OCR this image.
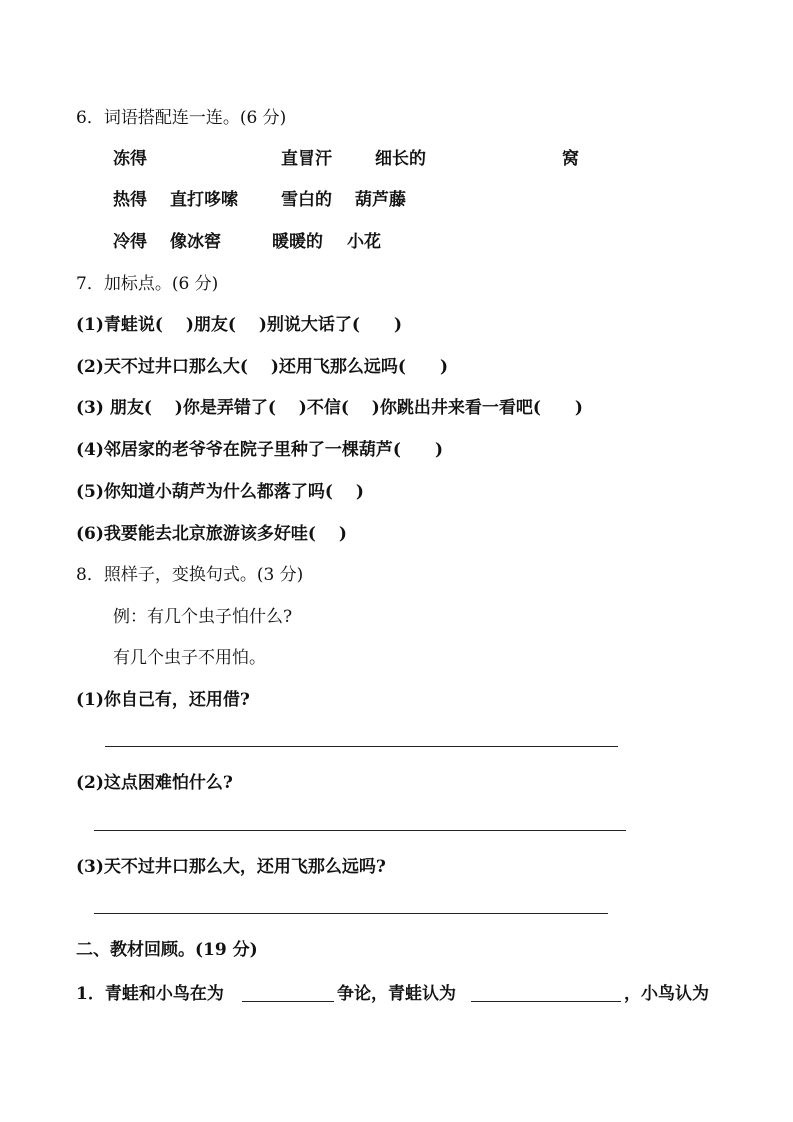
6．词语搭配连一连。(6 分)
冻得	直冒汗	细长的	窝
热得 直打哆嗦	雪白的 葫芦藤
冷得 像冰窖	暖暖的 小花
7．加标点。(6 分)
(1)青蛙说(　 )朋友(　 )别说大话了(　　)
(2)天不过井口那么大(　 )还用飞那么远吗(　　)
(3) 朋友(　 )你是弄错了(　 )不信(　 )你跳出井来看一看吧(　　)
(4)邻居家的老爷爷在院子里种了一棵葫芦(　　)
(5)你知道小葫芦为什么都落了吗(　 )
(6)我要能去北京旅游该多好哇(　 )
8．照样子，变换句式。(3 分)
例：有几个虫子怕什么?
有几个虫子不用怕。
(1)你自己有，还用借?
(2)这点困难怕什么?
(3)天不过井口那么大，还用飞那么远吗?
二、教材回顾。(19 分)
1．青蛙和小鸟在为	争论，青蛙认为	，小鸟认为
